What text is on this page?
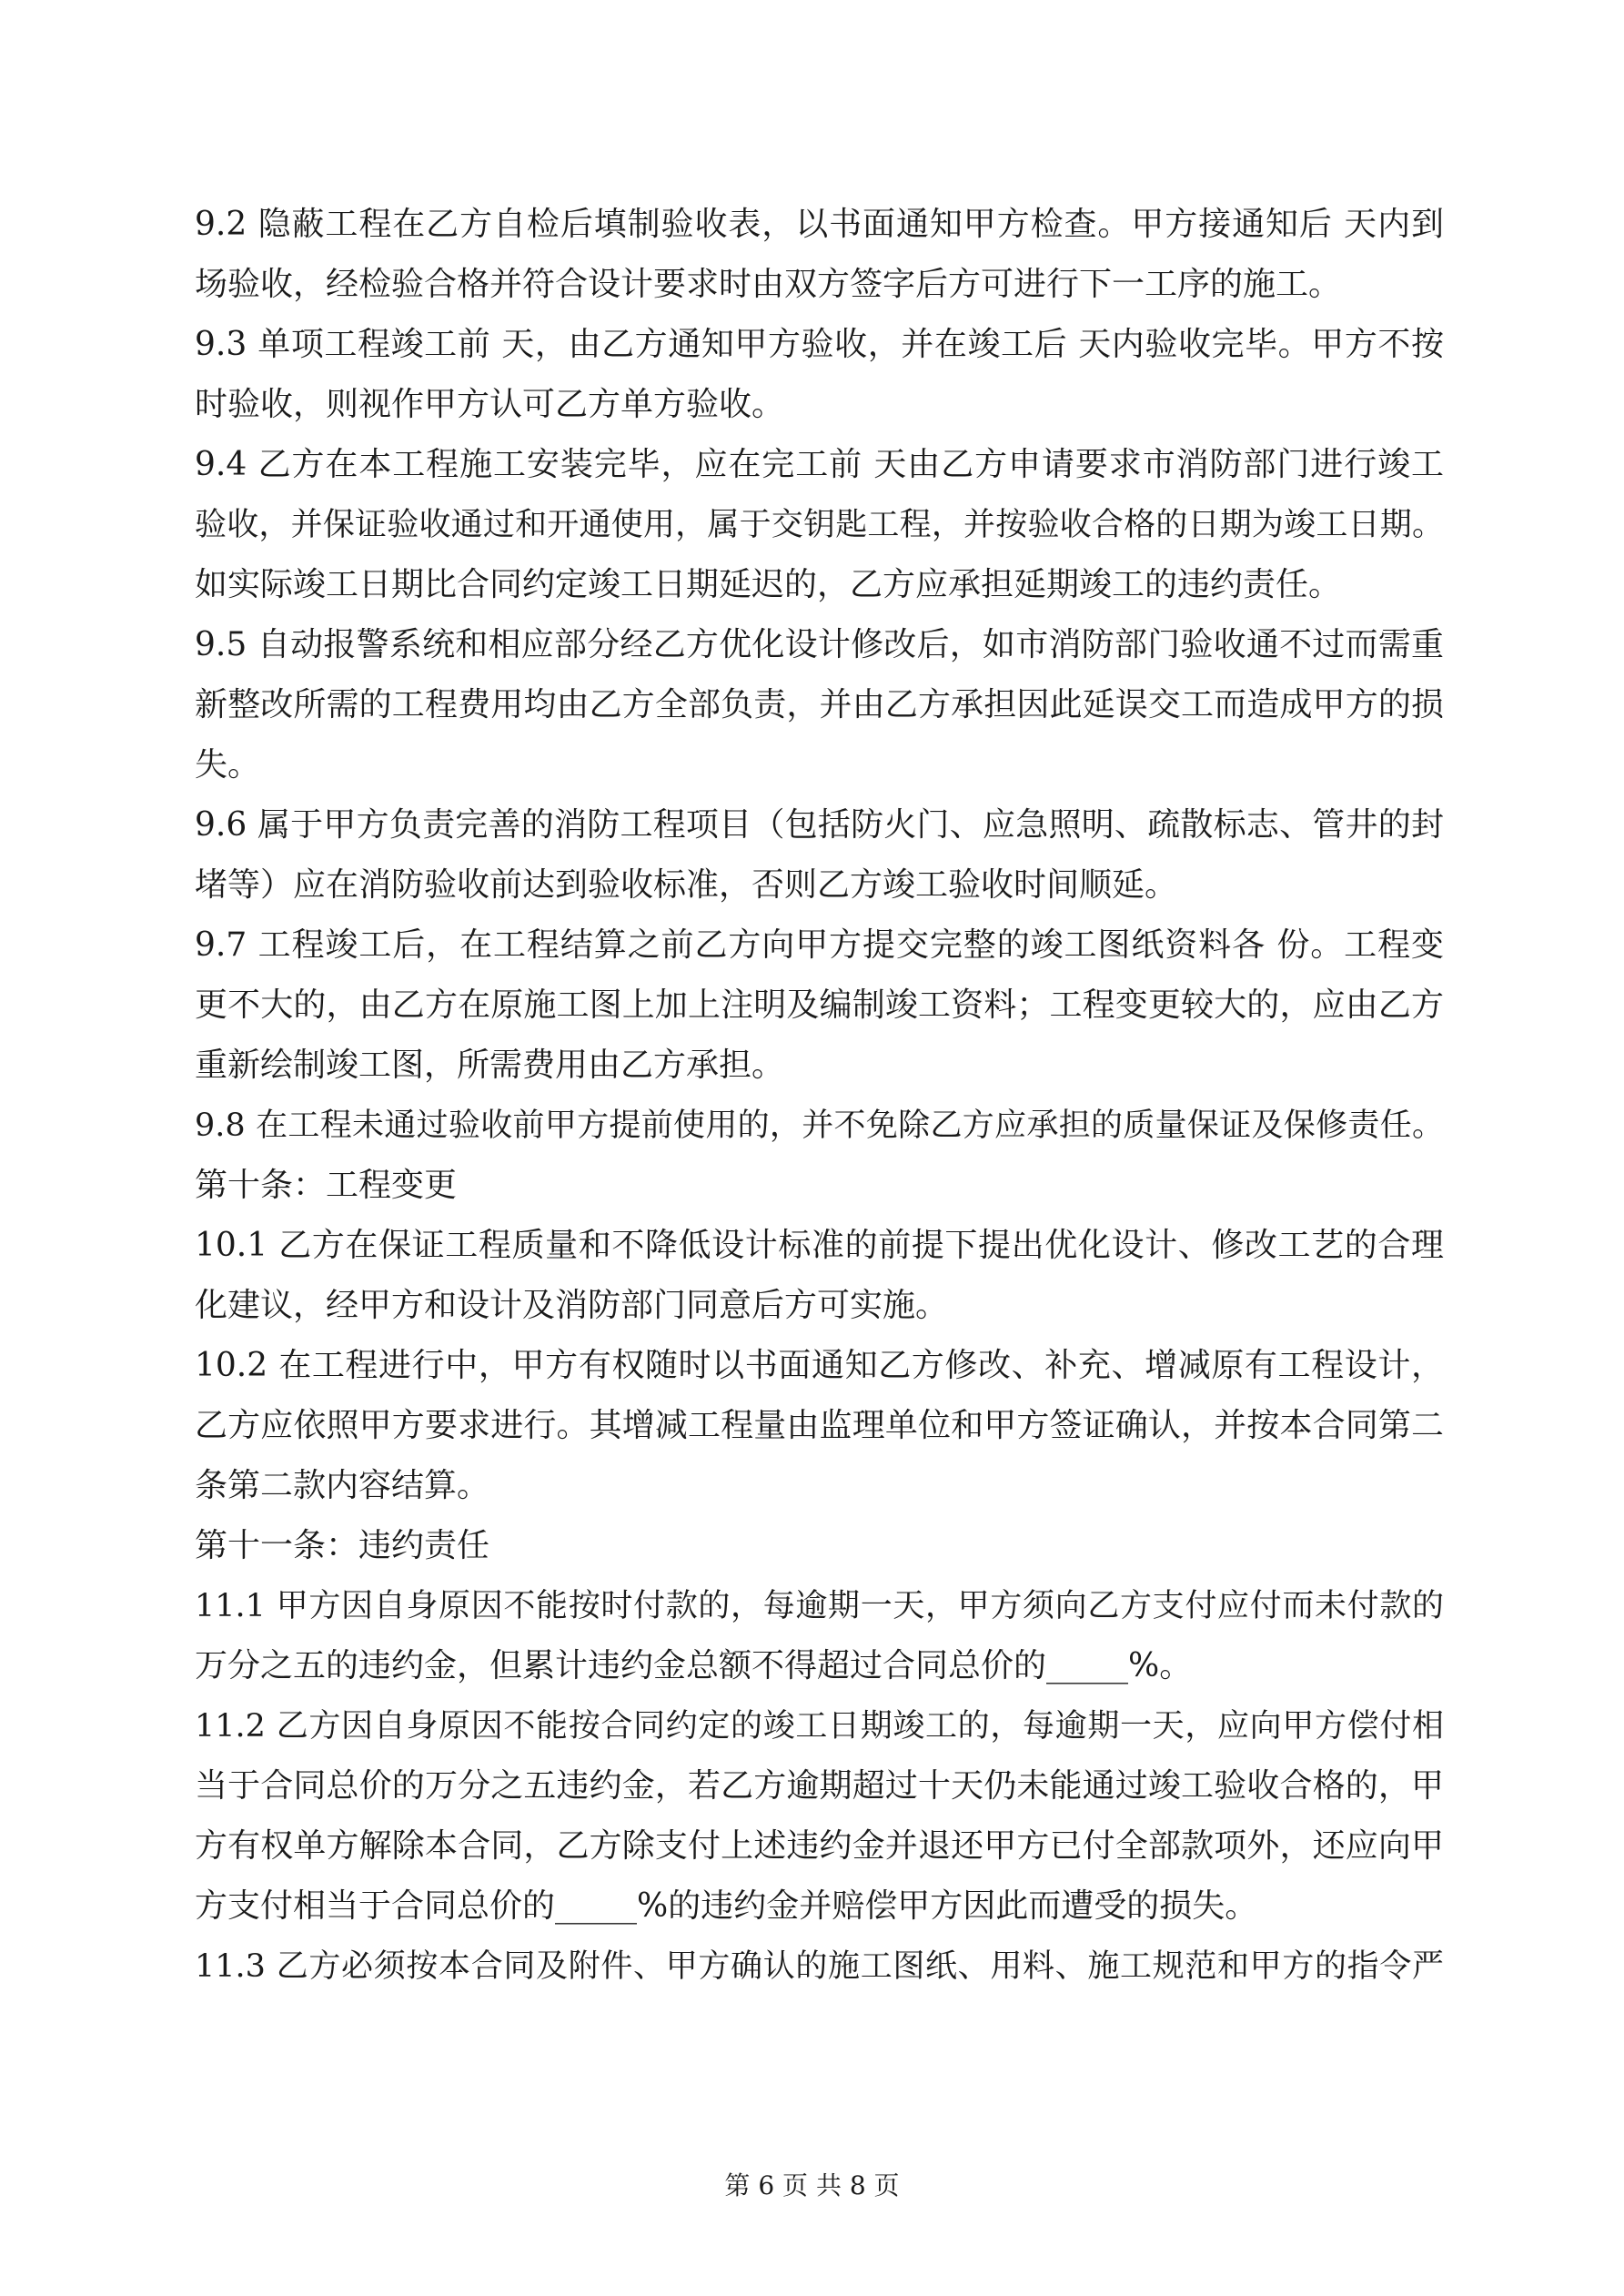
9.2 隐蔽工程在乙方自检后填制验收表，以书面通知甲方检查。甲方接通知后 天内到
场验收，经检验合格并符合设计要求时由双方签字后方可进行下一工序的施工。
9.3 单项工程竣工前 天，由乙方通知甲方验收，并在竣工后 天内验收完毕。甲方不按
时验收，则视作甲方认可乙方单方验收。
9.4 乙方在本工程施工安装完毕，应在完工前 天由乙方申请要求市消防部门进行竣工
验收，并保证验收通过和开通使用，属于交钥匙工程，并按验收合格的日期为竣工日期。
如实际竣工日期比合同约定竣工日期延迟的，乙方应承担延期竣工的违约责任。
9.5 自动报警系统和相应部分经乙方优化设计修改后，如市消防部门验收通不过而需重
新整改所需的工程费用均由乙方全部负责，并由乙方承担因此延误交工而造成甲方的损
失。
9.6 属于甲方负责完善的消防工程项目（包括防火门、应急照明、疏散标志、管井的封
堵等）应在消防验收前达到验收标准，否则乙方竣工验收时间顺延。
9.7 工程竣工后，在工程结算之前乙方向甲方提交完整的竣工图纸资料各 份。工程变
更不大的，由乙方在原施工图上加上注明及编制竣工资料；工程变更较大的，应由乙方
重新绘制竣工图，所需费用由乙方承担。
9.8 在工程未通过验收前甲方提前使用的，并不免除乙方应承担的质量保证及保修责任。
第十条：工程变更
10.1 乙方在保证工程质量和不降低设计标准的前提下提出优化设计、修改工艺的合理
化建议，经甲方和设计及消防部门同意后方可实施。
10.2 在工程进行中，甲方有权随时以书面通知乙方修改、补充、增减原有工程设计，
乙方应依照甲方要求进行。其增减工程量由监理单位和甲方签证确认，并按本合同第二
条第二款内容结算。
第十一条：违约责任
11.1 甲方因自身原因不能按时付款的，每逾期一天，甲方须向乙方支付应付而未付款的
万分之五的违约金，但累计违约金总额不得超过合同总价的_____%。
11.2 乙方因自身原因不能按合同约定的竣工日期竣工的，每逾期一天，应向甲方偿付相
当于合同总价的万分之五违约金，若乙方逾期超过十天仍未能通过竣工验收合格的，甲
方有权单方解除本合同，乙方除支付上述违约金并退还甲方已付全部款项外，还应向甲
方支付相当于合同总价的_____%的违约金并赔偿甲方因此而遭受的损失。
11.3 乙方必须按本合同及附件、甲方确认的施工图纸、用料、施工规范和甲方的指令严
第 6 页 共 8 页
